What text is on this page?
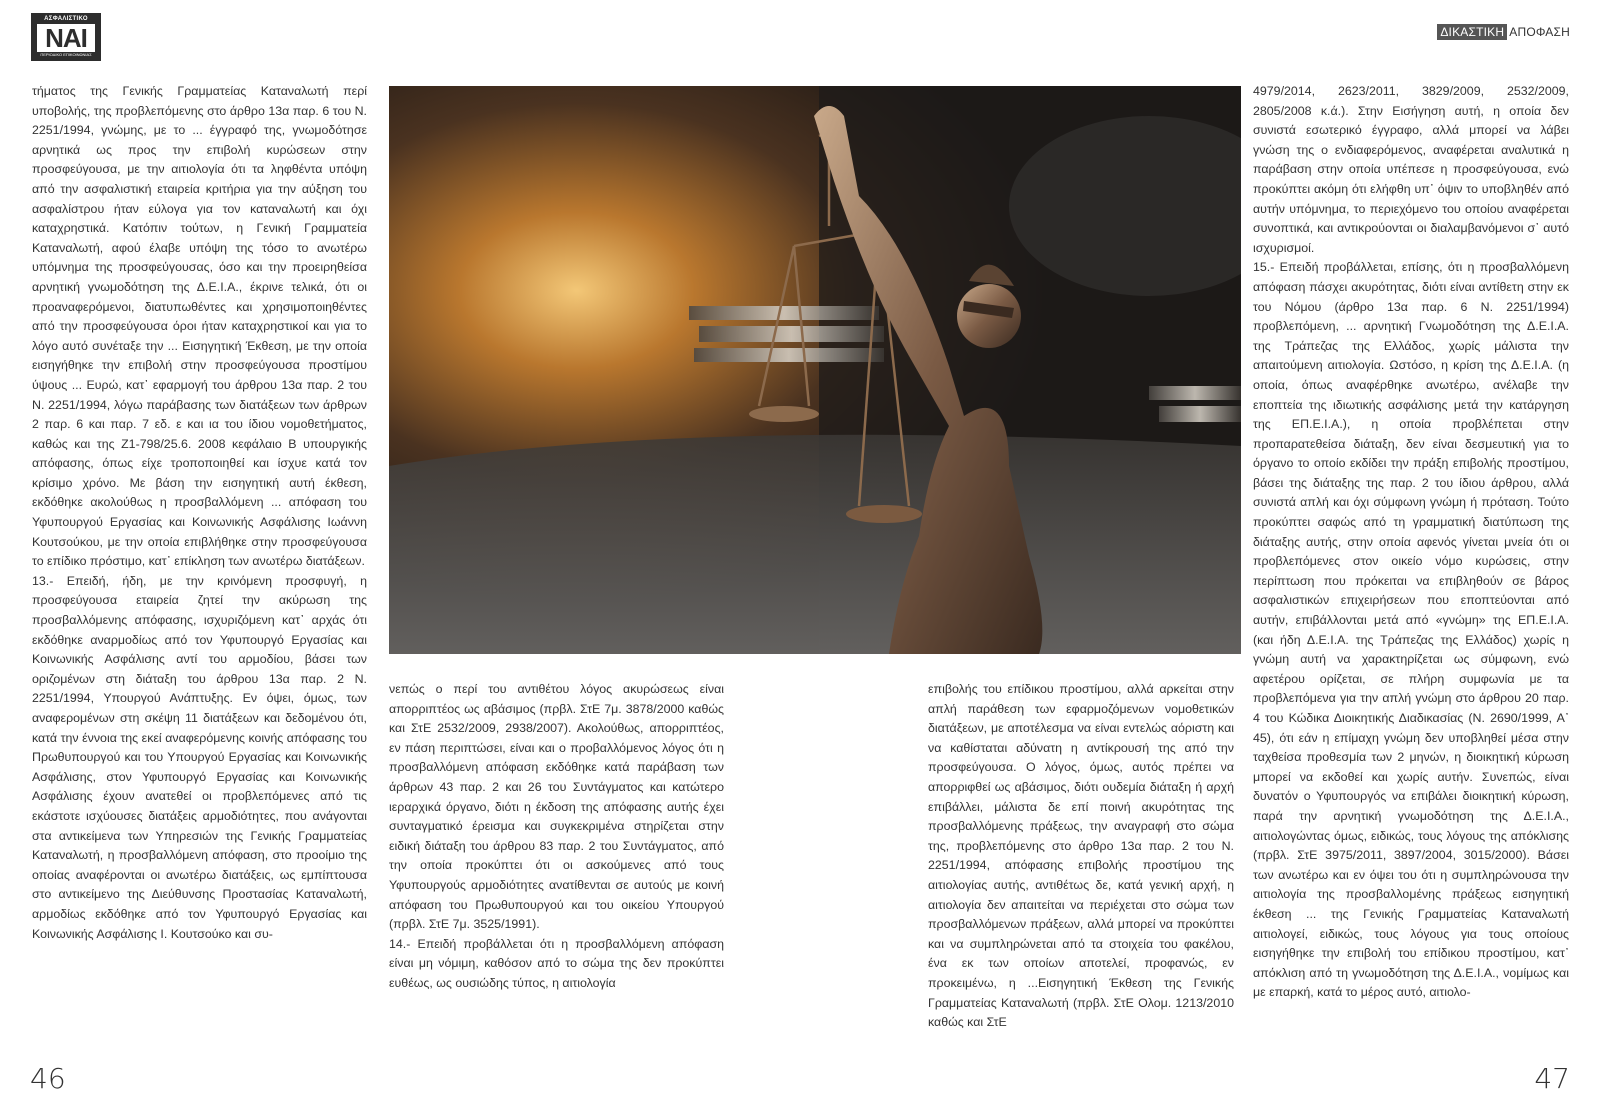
ΑΣΦΑΛΙΣΤΙΚΟ
ΝΑΙ
ΠΕΡΙΟΔΙΚΟ ΕΠΙΚΟΙΝΩΝΙΑΣ
ΔΙΚΑΣΤΙΚΗ ΑΠΟΦΑΣΗ

τήματος της Γενικής Γραμματείας Καταναλωτή περί υποβολής, της προβλεπόμενης στο άρθρο 13α παρ. 6 του Ν. 2251/1994, γνώμης, με το ... έγγραφό της, γνωμοδότησε αρνητικά ως προς την επιβολή κυρώσεων στην προσφεύγουσα, με την αιτιολογία ότι τα ληφθέντα υπόψη από την ασφαλιστική εταιρεία κριτήρια για την αύξηση του ασφαλίστρου ήταν εύλογα για τον καταναλωτή και όχι καταχρηστικά. Κατόπιν τούτων, η Γενική Γραμματεία Καταναλωτή, αφού έλαβε υπόψη της τόσο το ανωτέρω υπόμνημα της προσφεύγουσας, όσο και την προειρηθείσα αρνητική γνωμοδότηση της Δ.Ε.Ι.Α., έκρινε τελικά, ότι οι προαναφερόμενοι, διατυπωθέντες και χρησιμοποιηθέντες από την προσφεύγουσα όροι ήταν καταχρηστικοί και για το λόγο αυτό συνέταξε την ... Εισηγητική Έκθεση, με την οποία εισηγήθηκε την επιβολή στην προσφεύγουσα προστίμου ύψους ... Ευρώ, κατ᾽ εφαρμογή του άρθρου 13α παρ. 2 του Ν. 2251/1994, λόγω παράβασης των διατάξεων των άρθρων 2 παρ. 6 και παρ. 7 εδ. ε και ια του ίδιου νομοθετήματος, καθώς και της Ζ1-798/25.6. 2008 κεφάλαιο Β υπουργικής απόφασης, όπως είχε τροποποιηθεί και ίσχυε κατά τον κρίσιμο χρόνο. Με βάση την εισηγητική αυτή έκθεση, εκδόθηκε ακολούθως η προσβαλλόμενη ... απόφαση του Υφυπουργού Εργασίας και Κοινωνικής Ασφάλισης Ιωάννη Κουτσούκου, με την οποία επιβλήθηκε στην προσφεύγουσα το επίδικο πρόστιμο, κατ᾽ επίκληση των ανωτέρω διατάξεων.

13.- Επειδή, ήδη, με την κρινόμενη προσφυγή, η προσφεύγουσα εταιρεία ζητεί την ακύρωση της προσβαλλόμενης απόφασης, ισχυριζόμενη κατ᾽ αρχάς ότι εκδόθηκε αναρμοδίως από τον Υφυπουργό Εργασίας και Κοινωνικής Ασφάλισης αντί του αρμοδίου, βάσει των οριζομένων στη διάταξη του άρθρου 13α παρ. 2 Ν. 2251/1994, Υπουργού Ανάπτυξης. Εν όψει, όμως, των αναφερομένων στη σκέψη 11 διατάξεων και δεδομένου ότι, κατά την έννοια της εκεί αναφερόμενης κοινής απόφασης του Πρωθυπουργού και του Υπουργού Εργασίας και Κοινωνικής Ασφάλισης, στον Υφυπουργό Εργασίας και Κοινωνικής Ασφάλισης έχουν ανατεθεί οι προβλεπόμενες από τις εκάστοτε ισχύουσες διατάξεις αρμοδιότητες, που ανάγονται στα αντικείμενα των Υπηρεσιών της Γενικής Γραμματείας Καταναλωτή, η προσβαλλόμενη απόφαση, στο προοίμιο της οποίας αναφέρονται οι ανωτέρω διατάξεις, ως εμπίπτουσα στο αντικείμενο της Διεύθυνσης Προστασίας Καταναλωτή, αρμοδίως εκδόθηκε από τον Υφυπουργό Εργασίας και Κοινωνικής Ασφάλισης Ι. Κουτσούκο και συ-

νεπώς ο περί του αντιθέτου λόγος ακυρώσεως είναι απορριπτέος ως αβάσιμος (πρβλ. ΣτΕ 7μ. 3878/2000 καθώς και ΣτΕ 2532/2009, 2938/2007). Ακολούθως, απορριπτέος, εν πάση περιπτώσει, είναι και ο προβαλλόμενος λόγος ότι η προσβαλλόμενη απόφαση εκδόθηκε κατά παράβαση των άρθρων 43 παρ. 2 και 26 του Συντάγματος και κατώτερο ιεραρχικά όργανο, διότι η έκδοση της απόφασης αυτής έχει συνταγματικό έρεισμα και συγκεκριμένα στηρίζεται στην ειδική διάταξη του άρθρου 83 παρ. 2 του Συντάγματος, από την οποία προκύπτει ότι οι ασκούμενες από τους Υφυπουργούς αρμοδιότητες ανατίθενται σε αυτούς με κοινή απόφαση του Πρωθυπουργού και του οικείου Υπουργού (πρβλ. ΣτΕ 7μ. 3525/1991).

14.- Επειδή προβάλλεται ότι η προσβαλλόμενη απόφαση είναι μη νόμιμη, καθόσον από το σώμα της δεν προκύπτει ευθέως, ως ουσιώδης τύπος, η αιτιολογία

επιβολής του επίδικου προστίμου, αλλά αρκείται στην απλή παράθεση των εφαρμοζόμενων νομοθετικών διατάξεων, με αποτέλεσμα να είναι εντελώς αόριστη και να καθίσταται αδύνατη η αντίκρουσή της από την προσφεύγουσα. Ο λόγος, όμως, αυτός πρέπει να απορριφθεί ως αβάσιμος, διότι ουδεμία διάταξη ή αρχή επιβάλλει, μάλιστα δε επί ποινή ακυρότητας της προσβαλλόμενης πράξεως, την αναγραφή στο σώμα της, προβλεπόμενης στο άρθρο 13α παρ. 2 του Ν. 2251/1994, απόφασης επιβολής προστίμου της αιτιολογίας αυτής, αντιθέτως δε, κατά γενική αρχή, η αιτιολογία δεν απαιτείται να περιέχεται στο σώμα των προσβαλλόμενων πράξεων, αλλά μπορεί να προκύπτει και να συμπληρώνεται από τα στοιχεία του φακέλου, ένα εκ των οποίων αποτελεί, προφανώς, εν προκειμένω, η ...Εισηγητική Έκθεση της Γενικής Γραμματείας Καταναλωτή (πρβλ. ΣτΕ Ολομ. 1213/2010 καθώς και ΣτΕ

4979/2014, 2623/2011, 3829/2009, 2532/2009, 2805/2008 κ.ά.). Στην Εισήγηση αυτή, η οποία δεν συνιστά εσωτερικό έγγραφο, αλλά μπορεί να λάβει γνώση της ο ενδιαφερόμενος, αναφέρεται αναλυτικά η παράβαση στην οποία υπέπεσε η προσφεύγουσα, ενώ προκύπτει ακόμη ότι ελήφθη υπ᾽ όψιν το υποβληθέν από αυτήν υπόμνημα, το περιεχόμενο του οποίου αναφέρεται συνοπτικά, και αντικρούονται οι διαλαμβανόμενοι σ᾽ αυτό ισχυρισμοί.

15.- Επειδή προβάλλεται, επίσης, ότι η προσβαλλόμενη απόφαση πάσχει ακυρότητας, διότι είναι αντίθετη στην εκ του Νόμου (άρθρο 13α παρ. 6 Ν. 2251/1994) προβλεπόμενη, ... αρνητική Γνωμοδότηση της Δ.Ε.Ι.Α. της Τράπεζας της Ελλάδος, χωρίς μάλιστα την απαιτούμενη αιτιολογία. Ωστόσο, η κρίση της Δ.Ε.Ι.Α. (η οποία, όπως αναφέρθηκε ανωτέρω, ανέλαβε την εποπτεία της ιδιωτικής ασφάλισης μετά την κατάργηση της ΕΠ.Ε.Ι.Α.), η οποία προβλέπεται στην προπαρατεθείσα διάταξη, δεν είναι δεσμευτική για το όργανο το οποίο εκδίδει την πράξη επιβολής προστίμου, βάσει της διάταξης της παρ. 2 του ίδιου άρθρου, αλλά συνιστά απλή και όχι σύμφωνη γνώμη ή πρόταση. Τούτο προκύπτει σαφώς από τη γραμματική διατύπωση της διάταξης αυτής, στην οποία αφενός γίνεται μνεία ότι οι προβλεπόμενες στον οικείο νόμο κυρώσεις, στην περίπτωση που πρόκειται να επιβληθούν σε βάρος ασφαλιστικών επιχειρήσεων που εποπτεύονται από αυτήν, επιβάλλονται μετά από «γνώμη» της ΕΠ.Ε.Ι.Α. (και ήδη Δ.Ε.Ι.Α. της Τράπεζας της Ελλάδος) χωρίς η γνώμη αυτή να χαρακτηρίζεται ως σύμφωνη, ενώ αφετέρου ορίζεται, σε πλήρη συμφωνία με τα προβλεπόμενα για την απλή γνώμη στο άρθρου 20 παρ. 4 του Κώδικα Διοικητικής Διαδικασίας (Ν. 2690/1999, Α᾽ 45), ότι εάν η επίμαχη γνώμη δεν υποβληθεί μέσα στην ταχθείσα προθεσμία των 2 μηνών, η διοικητική κύρωση μπορεί να εκδοθεί και χωρίς αυτήν. Συνεπώς, είναι δυνατόν ο Υφυπουργός να επιβάλει διοικητική κύρωση, παρά την αρνητική γνωμοδότηση της Δ.Ε.Ι.Α., αιτιολογώντας όμως, ειδικώς, τους λόγους της απόκλισης (πρβλ. ΣτΕ 3975/2011, 3897/2004, 3015/2000). Βάσει των ανωτέρω και εν όψει του ότι η συμπληρώνουσα την αιτιολογία της προσβαλλομένης πράξεως εισηγητική έκθεση ... της Γενικής Γραμματείας Καταναλωτή αιτιολογεί, ειδικώς, τους λόγους για τους οποίους εισηγήθηκε την επιβολή του επίδικου προστίμου, κατ᾽ απόκλιση από τη γνωμοδότηση της Δ.Ε.Ι.Α., νομίμως και με επαρκή, κατά το μέρος αυτό, αιτιολο-

46	47
